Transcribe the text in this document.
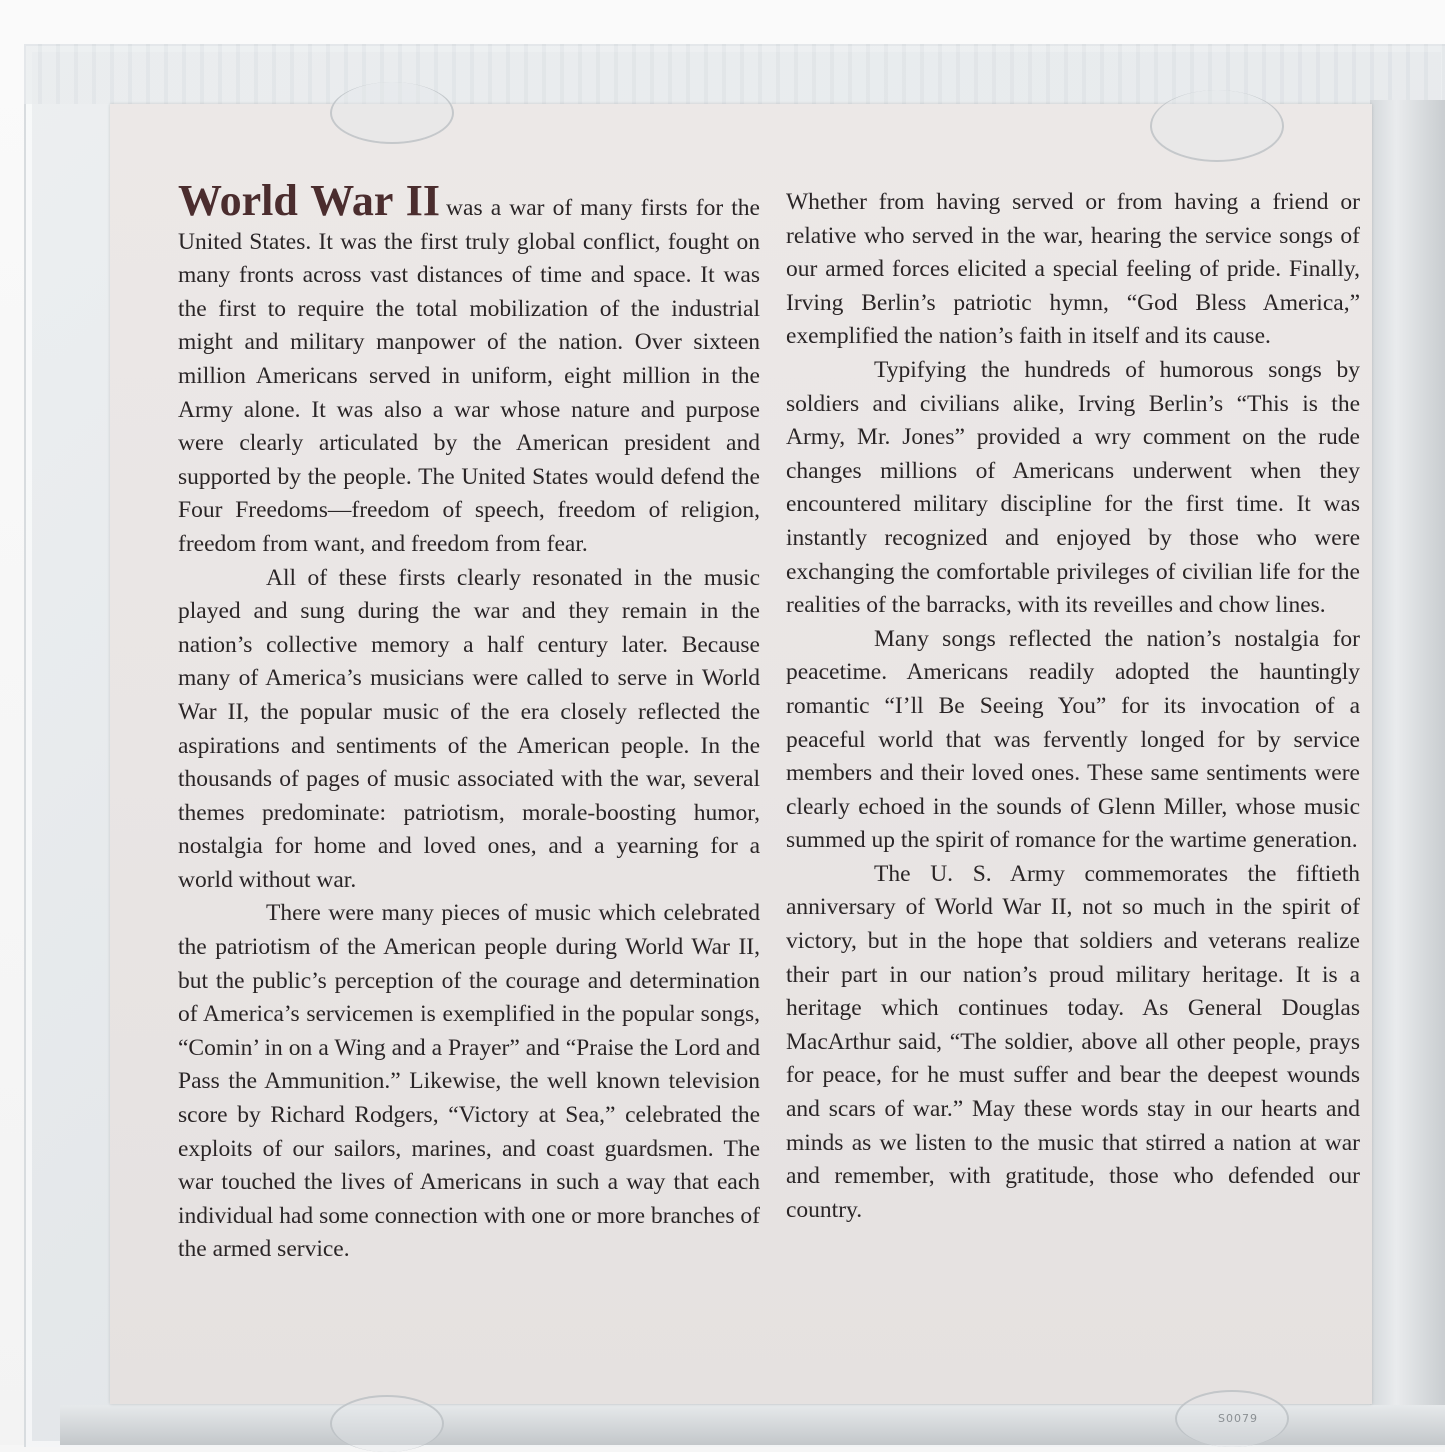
World War II was a war of many firsts for the United States. It was the first truly global conflict, fought on many fronts across vast distances of time and space. It was the first to require the total mobilization of the industrial might and military manpower of the nation. Over sixteen million Americans served in uniform, eight million in the Army alone. It was also a war whose nature and purpose were clearly articulated by the American president and supported by the people. The United States would defend the Four Freedoms—freedom of speech, freedom of religion, freedom from want, and freedom from fear.

All of these firsts clearly resonated in the music played and sung during the war and they remain in the nation’s collective memory a half century later. Because many of America’s musicians were called to serve in World War II, the popular music of the era closely reflected the aspirations and sentiments of the American people. In the thousands of pages of music associated with the war, several themes predominate: patriotism, morale-boosting humor, nostalgia for home and loved ones, and a yearning for a world without war.

There were many pieces of music which celebrated the patriotism of the American people during World War II, but the public’s perception of the courage and determination of America’s servicemen is exemplified in the popular songs, “Comin’ in on a Wing and a Prayer” and “Praise the Lord and Pass the Ammunition.” Likewise, the well known television score by Richard Rodgers, “Victory at Sea,” celebrated the exploits of our sailors, marines, and coast guardsmen. The war touched the lives of Americans in such a way that each individual had some connection with one or more branches of the armed service.

Whether from having served or from having a friend or relative who served in the war, hearing the service songs of our armed forces elicited a special feeling of pride. Finally, Irving Berlin’s patriotic hymn, “God Bless America,” exemplified the nation’s faith in itself and its cause.

Typifying the hundreds of humorous songs by soldiers and civilians alike, Irving Berlin’s “This is the Army, Mr. Jones” provided a wry comment on the rude changes millions of Americans underwent when they encountered military discipline for the first time. It was instantly recognized and enjoyed by those who were exchanging the comfortable privileges of civilian life for the realities of the barracks, with its reveilles and chow lines.

Many songs reflected the nation’s nostalgia for peacetime. Americans readily adopted the hauntingly romantic “I’ll Be Seeing You” for its invocation of a peaceful world that was fervently longed for by service members and their loved ones. These same sentiments were clearly echoed in the sounds of Glenn Miller, whose music summed up the spirit of romance for the wartime generation.

The U. S. Army commemorates the fiftieth anniversary of World War II, not so much in the spirit of victory, but in the hope that soldiers and veterans realize their part in our nation’s proud military heritage. It is a heritage which continues today. As General Douglas MacArthur said, “The soldier, above all other people, prays for peace, for he must suffer and bear the deepest wounds and scars of war.” May these words stay in our hearts and minds as we listen to the music that stirred a nation at war and remember, with gratitude, those who defended our country.

S0079
